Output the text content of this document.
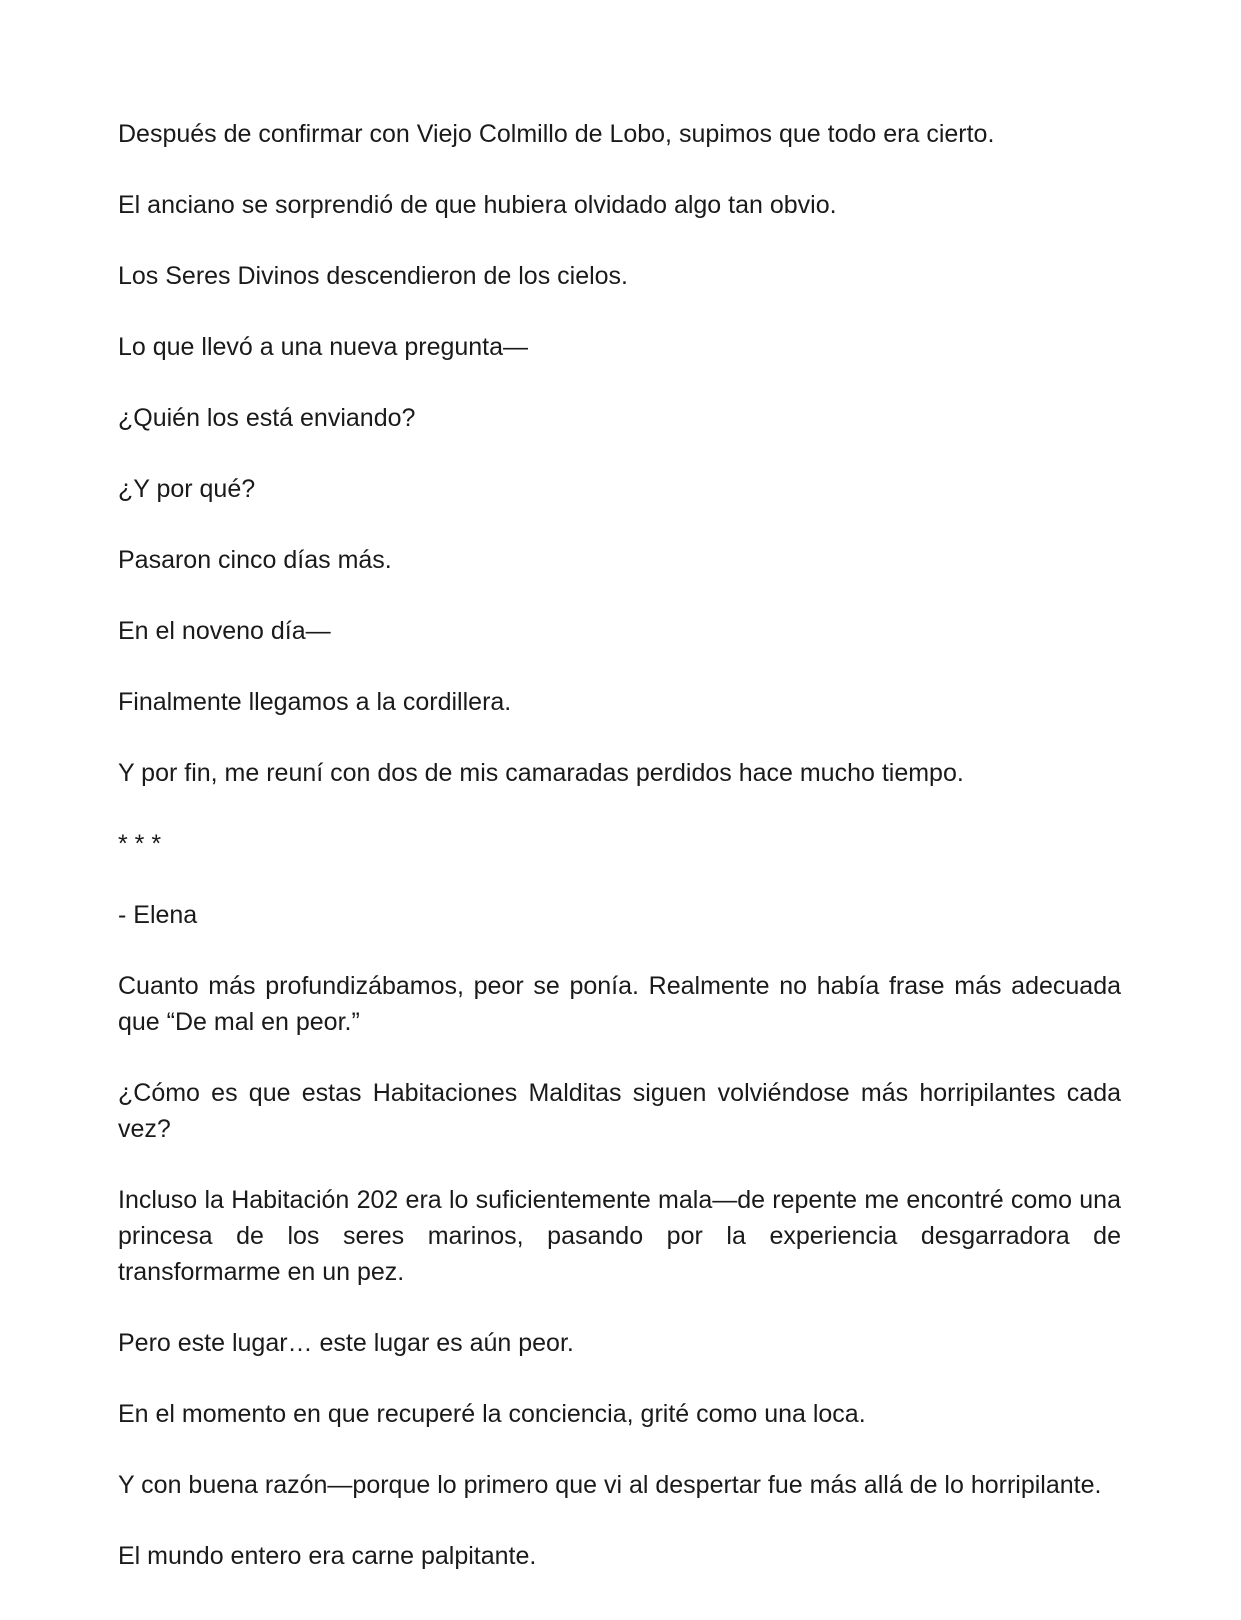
Después de confirmar con Viejo Colmillo de Lobo, supimos que todo era cierto.

El anciano se sorprendió de que hubiera olvidado algo tan obvio.

Los Seres Divinos descendieron de los cielos.

Lo que llevó a una nueva pregunta—

¿Quién los está enviando?

¿Y por qué?

Pasaron cinco días más.

En el noveno día—

Finalmente llegamos a la cordillera.

Y por fin, me reuní con dos de mis camaradas perdidos hace mucho tiempo.

* * *

- Elena

Cuanto más profundizábamos, peor se ponía. Realmente no había frase más adecuada que “De mal en peor.”

¿Cómo es que estas Habitaciones Malditas siguen volviéndose más horripilantes cada vez?

Incluso la Habitación 202 era lo suficientemente mala—de repente me encontré como una princesa de los seres marinos, pasando por la experiencia desgarradora de transformarme en un pez.

Pero este lugar… este lugar es aún peor.

En el momento en que recuperé la conciencia, grité como una loca.

Y con buena razón—porque lo primero que vi al despertar fue más allá de lo horripilante.

El mundo entero era carne palpitante.
